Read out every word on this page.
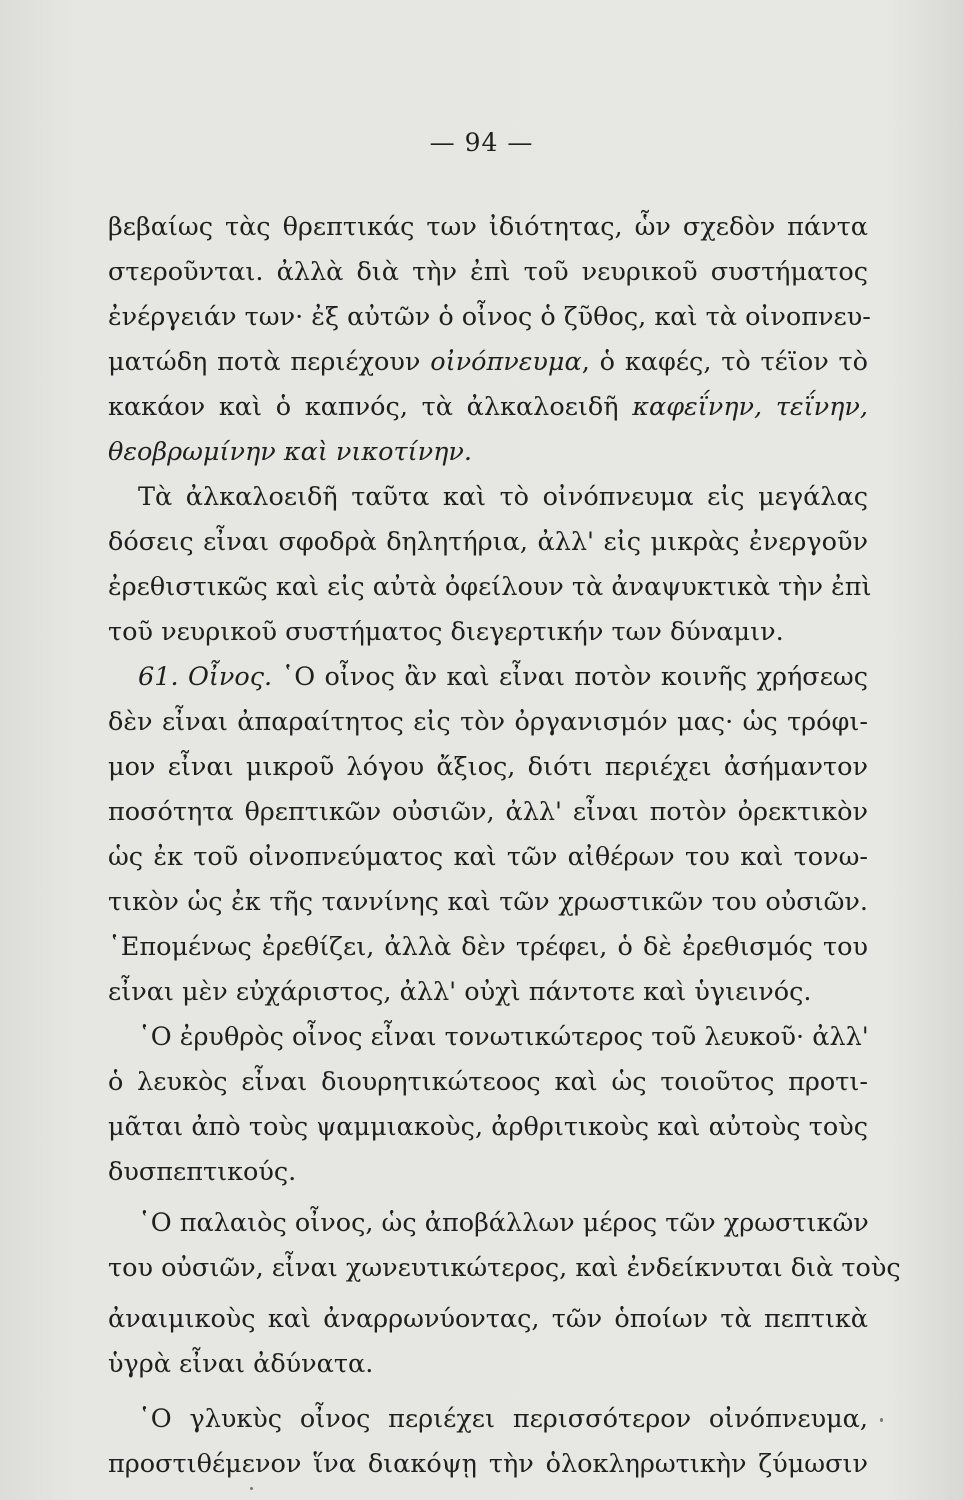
— 94 —
βεβαίως τὰς θρεπτικάς των ἰδιότητας, ὧν σχεδὸν πάντα
στεροῦνται. ἀλλὰ διὰ τὴν ἐπὶ τοῦ νευρικοῦ συστήματος
ἐνέργειάν των· ἐξ αὐτῶν ὁ οἶνος ὁ ζῦθος, καὶ τὰ οἰνοπνευ-
ματώδη ποτὰ περιέχουν οἰνόπνευμα, ὁ καφές, τὸ τέϊον τὸ
κακάον καὶ ὁ καπνός, τὰ ἀλκαλοειδῆ καφεΐνην, τεΐνην,
θεοβρωμίνην καὶ νικοτίνην.
Τὰ ἀλκαλοειδῆ ταῦτα καὶ τὸ οἰνόπνευμα εἰς μεγάλας
δόσεις εἶναι σφοδρὰ δηλητήρια, ἀλλ' εἰς μικρὰς ἐνεργοῦν
ἐρεθιστικῶς καὶ εἰς αὐτὰ ὀφείλουν τὰ ἀναψυκτικὰ τὴν ἐπὶ
τοῦ νευρικοῦ συστήματος διεγερτικήν των δύναμιν.
61. Οἶνος. ῾Ο οἶνος ἂν καὶ εἶναι ποτὸν κοινῆς χρήσεως
δὲν εἶναι ἀπαραίτητος εἰς τὸν ὀργανισμόν μας· ὡς τρόφι-
μον εἶναι μικροῦ λόγου ἄξιος, διότι περιέχει ἀσήμαντον
ποσότητα θρεπτικῶν οὐσιῶν, ἀλλ' εἶναι ποτὸν ὀρεκτικὸν
ὡς ἐκ τοῦ οἰνοπνεύματος καὶ τῶν αἰθέρων του καὶ τονω-
τικὸν ὡς ἐκ τῆς ταννίνης καὶ τῶν χρωστικῶν του οὐσιῶν.
῾Επομένως ἐρεθίζει, ἀλλὰ δὲν τρέφει, ὁ δὲ ἐρεθισμός του
εἶναι μὲν εὐχάριστος, ἀλλ' οὐχὶ πάντοτε καὶ ὑγιεινός.
῾Ο ἐρυθρὸς οἶνος εἶναι τονωτικώτερος τοῦ λευκοῦ· ἀλλ'
ὁ λευκὸς εἶναι διουρητικώτεοος καὶ ὡς τοιοῦτος προτι-
μᾶται ἀπὸ τοὺς ψαμμιακοὺς, ἀρθριτικοὺς καὶ αὐτοὺς τοὺς
δυσπεπτικούς.
῾Ο παλαιὸς οἶνος, ὡς ἀποβάλλων μέρος τῶν χρωστικῶν
του οὐσιῶν, εἶναι χωνευτικώτερος, καὶ ἐνδείκνυται διὰ τοὺς
ἀναιμικοὺς καὶ ἀναρρωνύοντας, τῶν ὁποίων τὰ πεπτικὰ
ὑγρὰ εἶναι ἀδύνατα.
῾Ο γλυκὺς οἶνος περιέχει περισσότερον οἰνόπνευμα,
προστιθέμενον ἵνα διακόψῃ τὴν ὁλοκληρωτικὴν ζύμωσιν
